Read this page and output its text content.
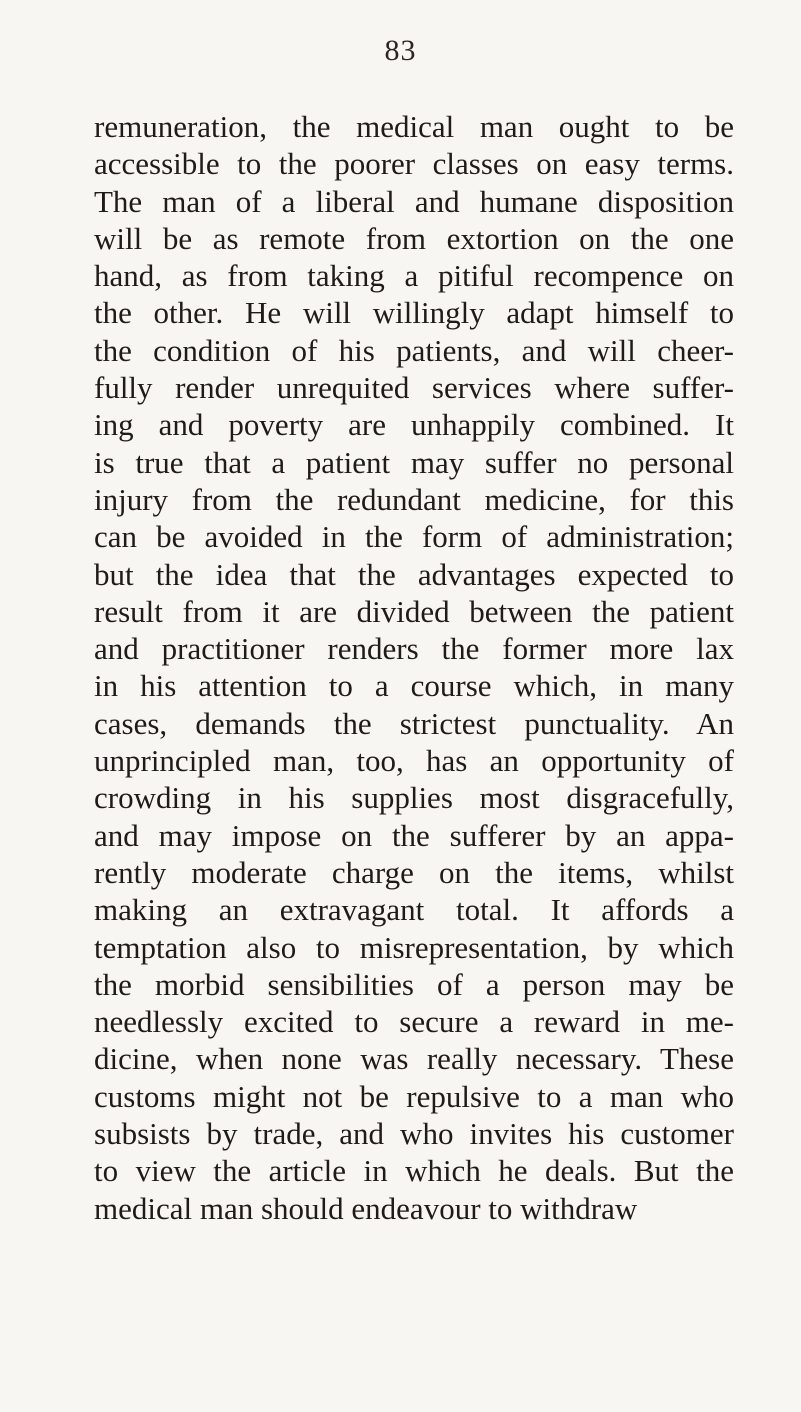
83
remuneration, the medical man ought to be
accessible to the poorer classes on easy terms.
The man of a liberal and humane disposition
will be as remote from extortion on the one
hand, as from taking a pitiful recompence on
the other. He will willingly adapt himself to
the condition of his patients, and will cheer-
fully render unrequited services where suffer-
ing and poverty are unhappily combined. It
is true that a patient may suffer no personal
injury from the redundant medicine, for this
can be avoided in the form of administration;
but the idea that the advantages expected to
result from it are divided between the patient
and practitioner renders the former more lax
in his attention to a course which, in many
cases, demands the strictest punctuality. An
unprincipled man, too, has an opportunity of
crowding in his supplies most disgracefully,
and may impose on the sufferer by an appa-
rently moderate charge on the items, whilst
making an extravagant total. It affords a
temptation also to misrepresentation, by which
the morbid sensibilities of a person may be
needlessly excited to secure a reward in me-
dicine, when none was really necessary. These
customs might not be repulsive to a man who
subsists by trade, and who invites his customer
to view the article in which he deals. But the
medical man should endeavour to withdraw
